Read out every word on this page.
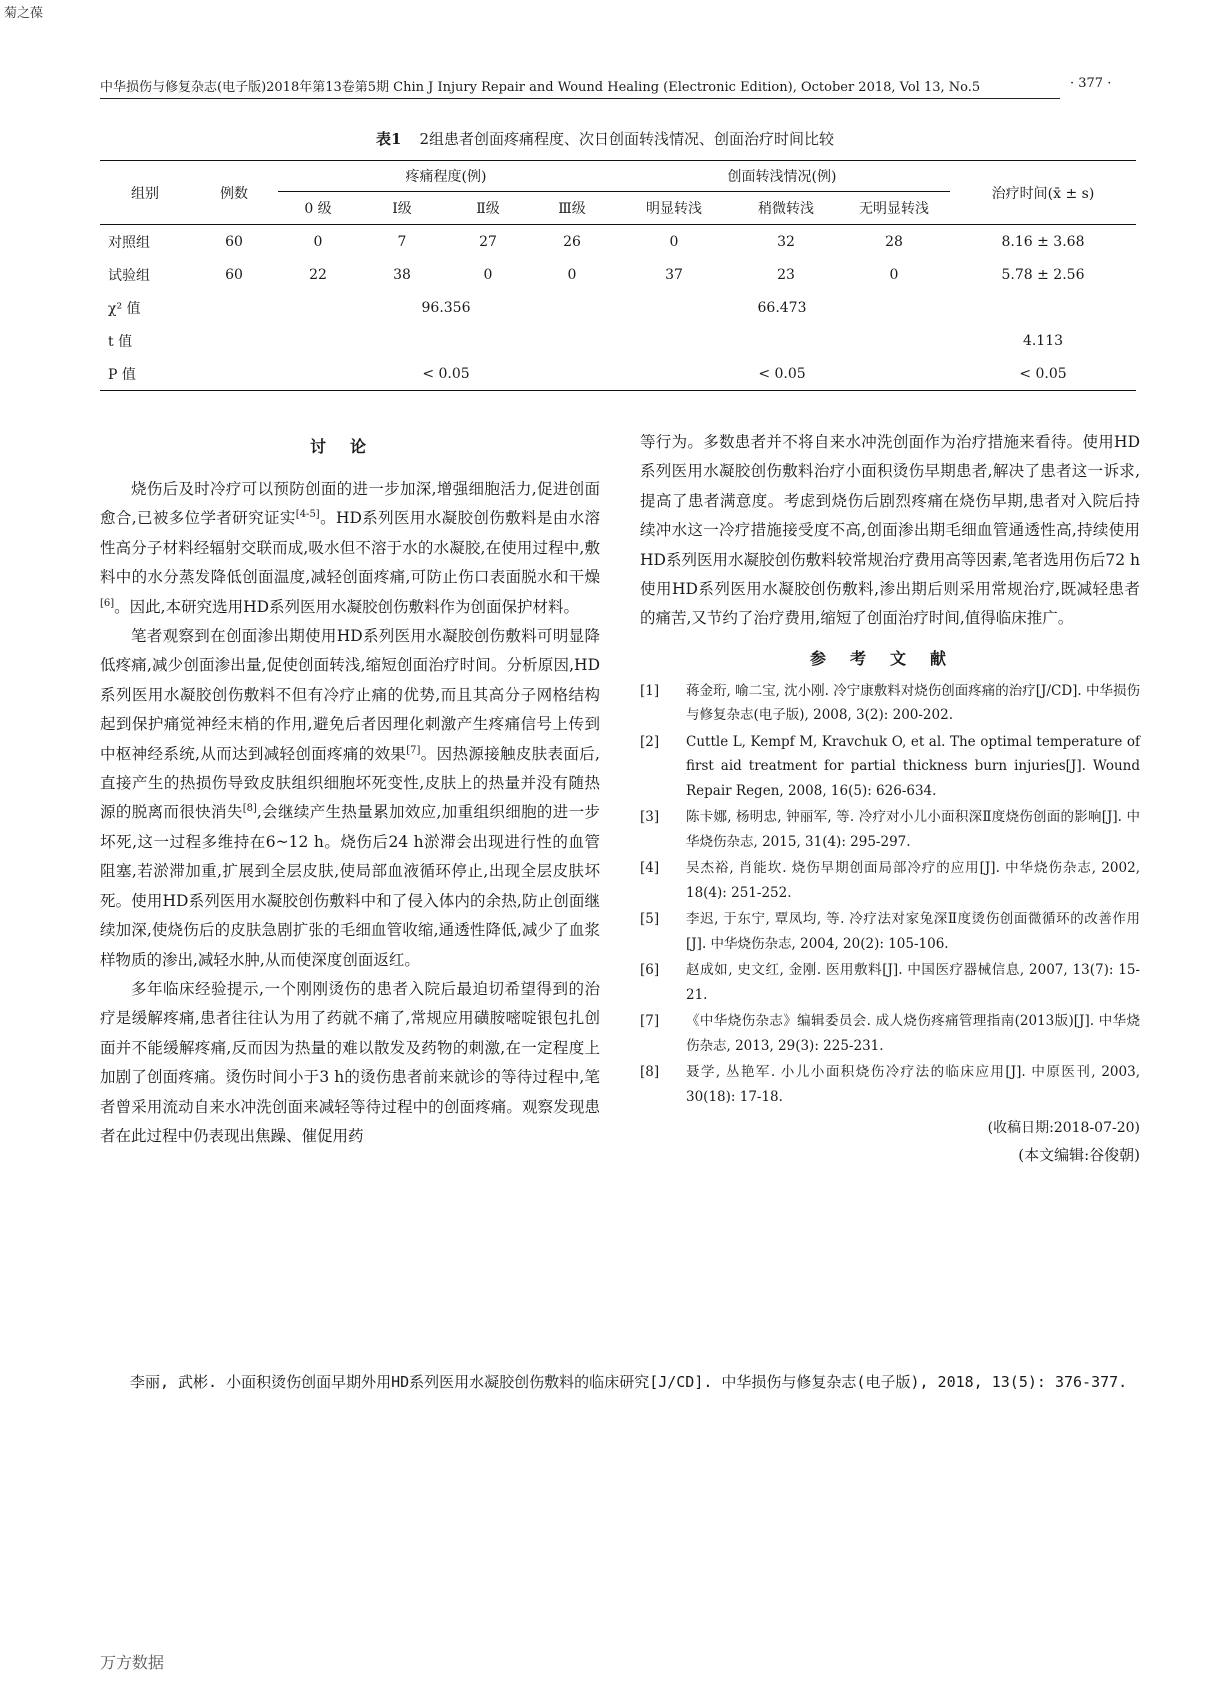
菊之葆
中华损伤与修复杂志(电子版)2018年第13卷第5期 Chin J Injury Repair and Wound Healing (Electronic Edition), October 2018, Vol 13, No.5	· 377 ·
表1 2组患者创面疼痛程度、次日创面转浅情况、创面治疗时间比较
组别	例数	疼痛程度(例)				创面转浅情况(例)			治疗时间(x̄ ± s)
		0 级	Ⅰ级	Ⅱ级	Ⅲ级	明显转浅	稍微转浅	无明显转浅	
对照组	60	0	7	27	26	0	32	28	8.16 ± 3.68
试验组	60	22	38	0	0	37	23	0	5.78 ± 2.56
χ² 值		96.356				66.473			
t 值									4.113
P 值		< 0.05				< 0.05			< 0.05
讨论

烧伤后及时冷疗可以预防创面的进一步加深,增强细胞活力,促进创面愈合,已被多位学者研究证实[4-5]。HD系列医用水凝胶创伤敷料是由水溶性高分子材料经辐射交联而成,吸水但不溶于水的水凝胶,在使用过程中,敷料中的水分蒸发降低创面温度,减轻创面疼痛,可防止伤口表面脱水和干燥[6]。因此,本研究选用HD系列医用水凝胶创伤敷料作为创面保护材料。

笔者观察到在创面渗出期使用HD系列医用水凝胶创伤敷料可明显降低疼痛,减少创面渗出量,促使创面转浅,缩短创面治疗时间。分析原因,HD系列医用水凝胶创伤敷料不但有冷疗止痛的优势,而且其高分子网格结构起到保护痛觉神经末梢的作用,避免后者因理化刺激产生疼痛信号上传到中枢神经系统,从而达到减轻创面疼痛的效果[7]。因热源接触皮肤表面后,直接产生的热损伤导致皮肤组织细胞坏死变性,皮肤上的热量并没有随热源的脱离而很快消失[8],会继续产生热量累加效应,加重组织细胞的进一步坏死,这一过程多维持在6~12 h。烧伤后24 h淤滞会出现进行性的血管阻塞,若淤滞加重,扩展到全层皮肤,使局部血液循环停止,出现全层皮肤坏死。使用HD系列医用水凝胶创伤敷料中和了侵入体内的余热,防止创面继续加深,使烧伤后的皮肤急剧扩张的毛细血管收缩,通透性降低,减少了血浆样物质的渗出,减轻水肿,从而使深度创面返红。

多年临床经验提示,一个刚刚烫伤的患者入院后最迫切希望得到的治疗是缓解疼痛,患者往往认为用了药就不痛了,常规应用磺胺嘧啶银包扎创面并不能缓解疼痛,反而因为热量的难以散发及药物的刺激,在一定程度上加剧了创面疼痛。烫伤时间小于3 h的烫伤患者前来就诊的等待过程中,笔者曾采用流动自来水冲洗创面来减轻等待过程中的创面疼痛。观察发现患者在此过程中仍表现出焦躁、催促用药

等行为。多数患者并不将自来水冲洗创面作为治疗措施来看待。使用HD系列医用水凝胶创伤敷料治疗小面积烫伤早期患者,解决了患者这一诉求,提高了患者满意度。考虑到烧伤后剧烈疼痛在烧伤早期,患者对入院后持续冲水这一冷疗措施接受度不高,创面渗出期毛细血管通透性高,持续使用HD系列医用水凝胶创伤敷料较常规治疗费用高等因素,笔者选用伤后72 h使用HD系列医用水凝胶创伤敷料,渗出期后则采用常规治疗,既减轻患者的痛苦,又节约了治疗费用,缩短了创面治疗时间,值得临床推广。

参考文献
[1]	蒋金珩, 喻二宝, 沈小刚. 冷宁康敷料对烧伤创面疼痛的治疗[J/CD]. 中华损伤与修复杂志(电子版), 2008, 3(2): 200-202.
[2]	Cuttle L, Kempf M, Kravchuk O, et al. The optimal temperature of first aid treatment for partial thickness burn injuries[J]. Wound Repair Regen, 2008, 16(5): 626-634.
[3]	陈卡娜, 杨明忠, 钟丽军, 等. 冷疗对小儿小面积深Ⅱ度烧伤创面的影响[J]. 中华烧伤杂志, 2015, 31(4): 295-297.
[4]	吴杰裕, 肖能坎. 烧伤早期创面局部冷疗的应用[J]. 中华烧伤杂志, 2002, 18(4): 251-252.
[5]	李迟, 于东宁, 覃凤均, 等. 冷疗法对家兔深Ⅱ度烫伤创面微循环的改善作用[J]. 中华烧伤杂志, 2004, 20(2): 105-106.
[6]	赵成如, 史文红, 金刚. 医用敷料[J]. 中国医疗器械信息, 2007, 13(7): 15-21.
[7]	《中华烧伤杂志》编辑委员会. 成人烧伤疼痛管理指南(2013版)[J]. 中华烧伤杂志, 2013, 29(3): 225-231.
[8]	聂学, 丛艳军. 小儿小面积烧伤冷疗法的临床应用[J]. 中原医刊, 2003, 30(18): 17-18.
(收稿日期:2018-07-20)
(本文编辑:谷俊朝)
李丽, 武彬. 小面积烫伤创面早期外用HD系列医用水凝胶创伤敷料的临床研究[J/CD]. 中华损伤与修复杂志(电子版), 2018, 13(5): 376-377.
万方数据
